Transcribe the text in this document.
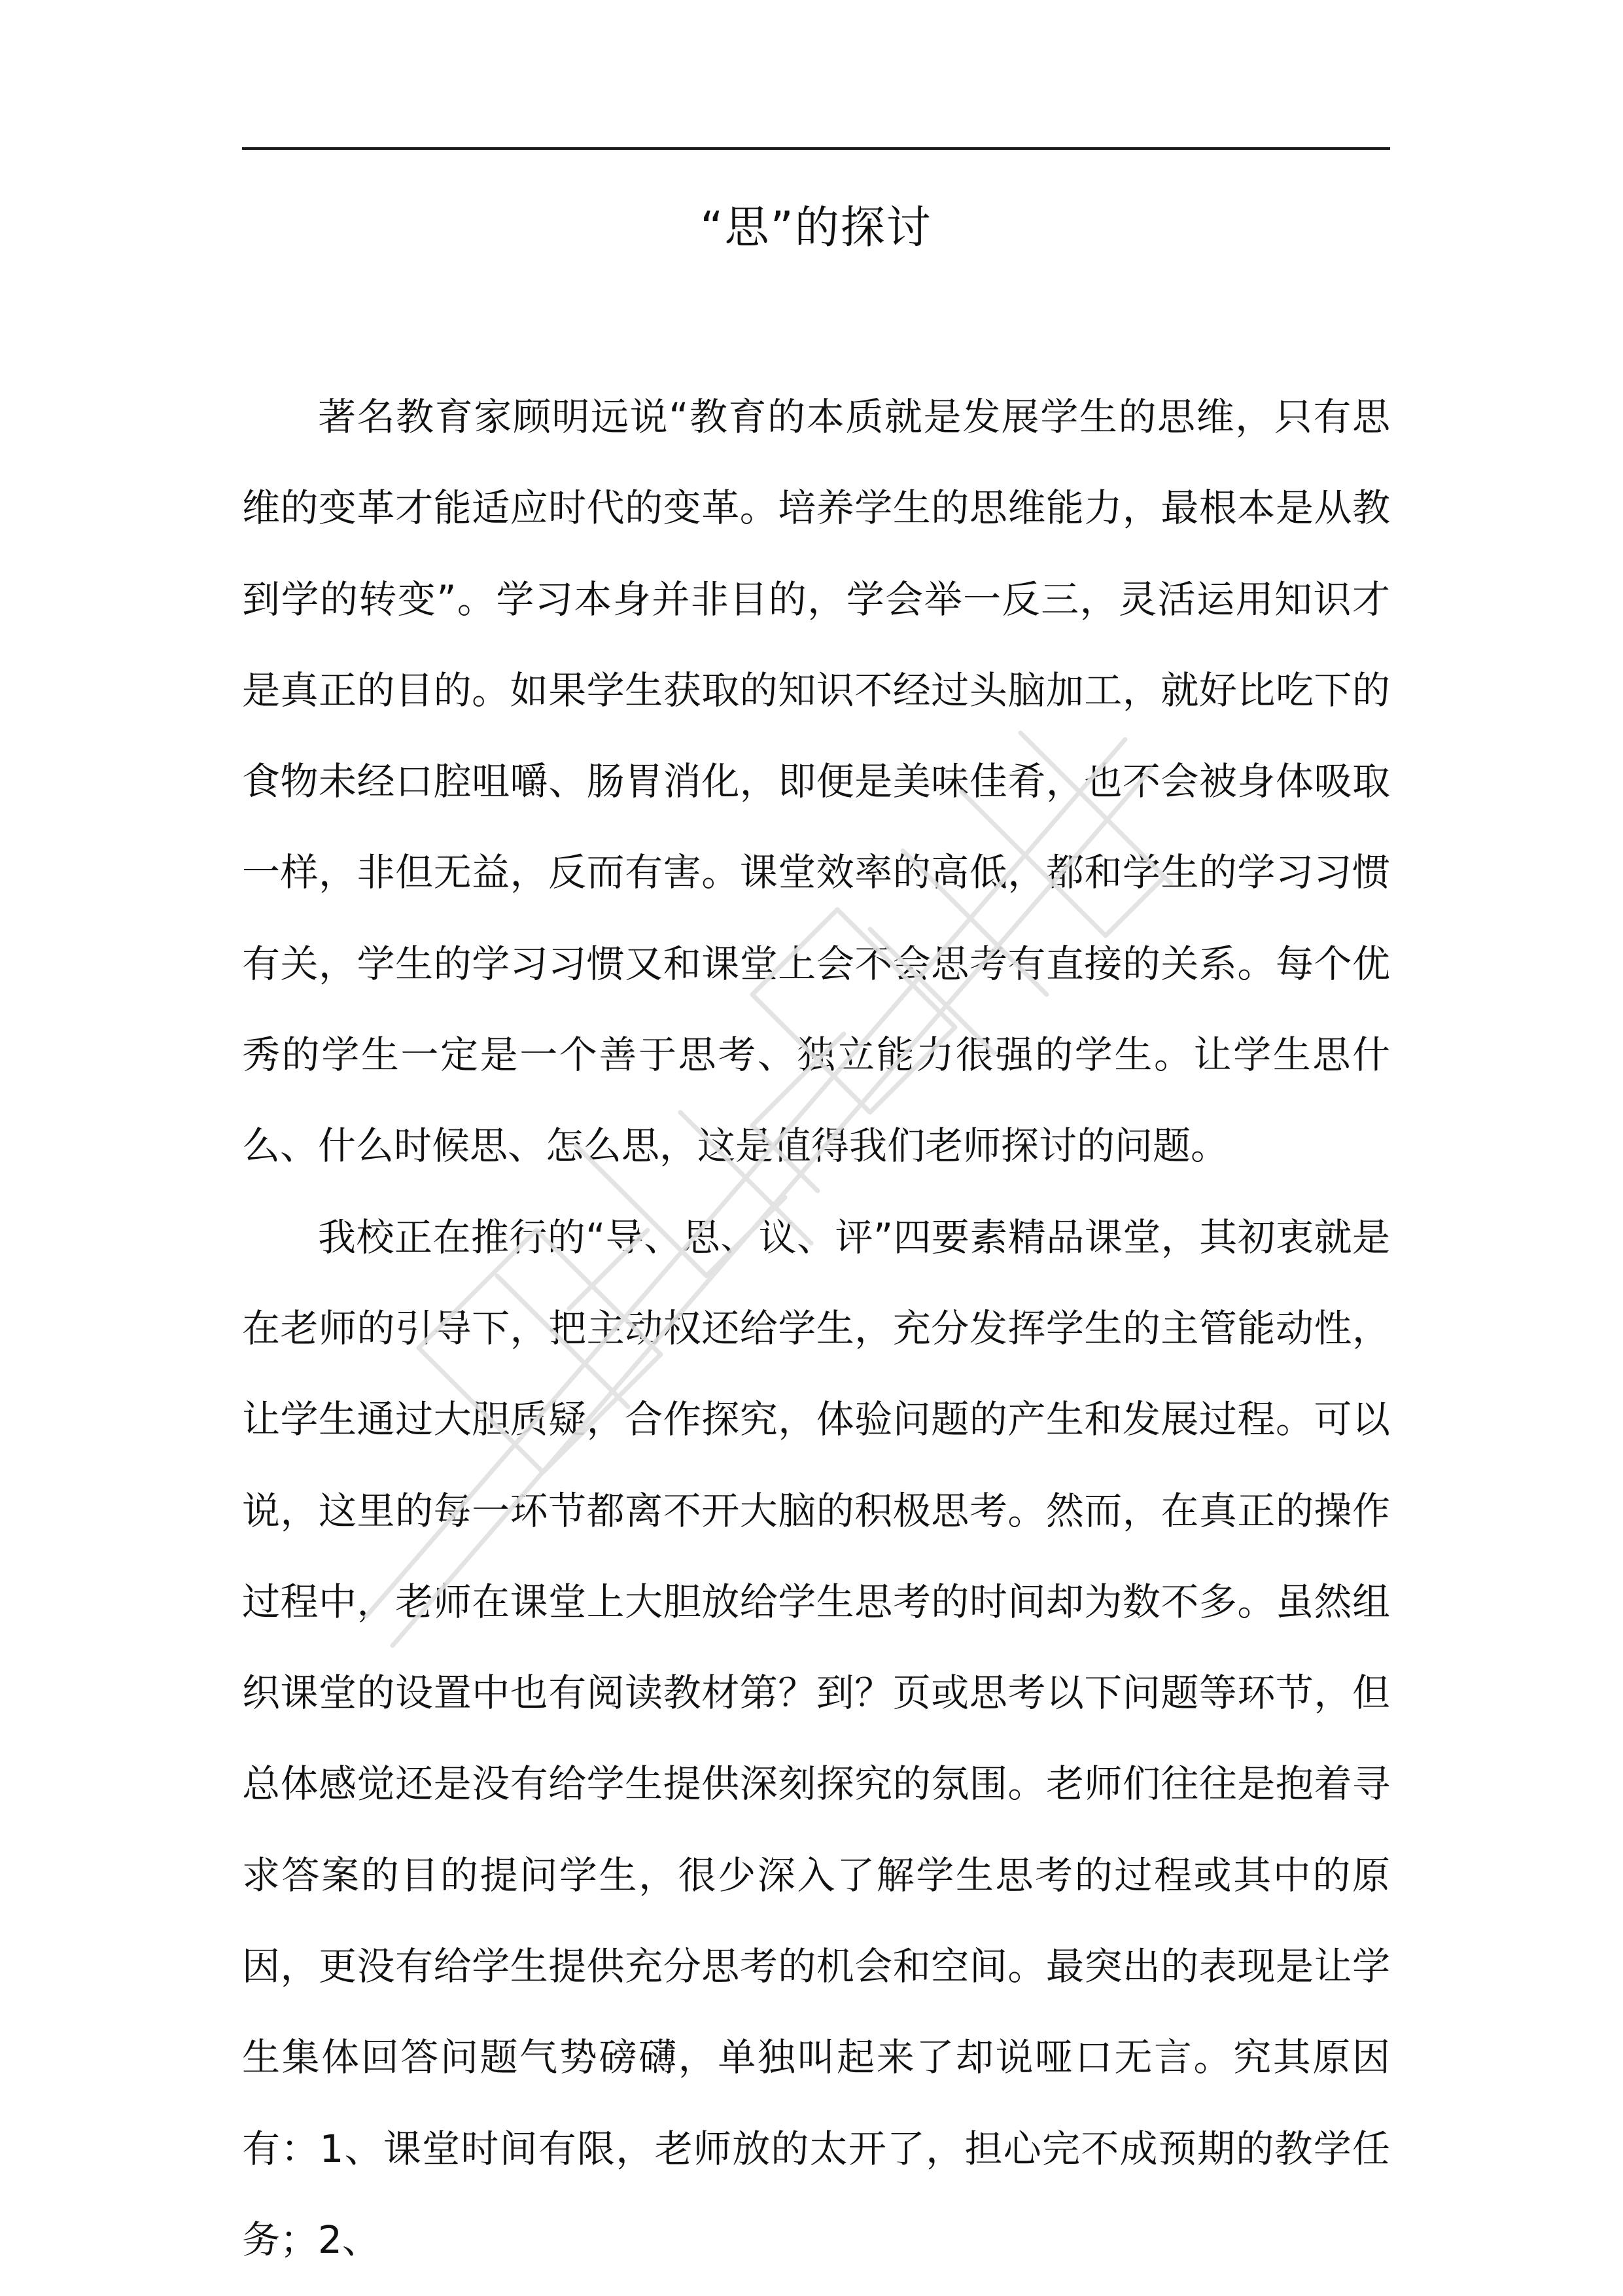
“思”的探讨

著名教育家顾明远说“教育的本质就是发展学生的思维，只有思维的变革才能适应时代的变革。培养学生的思维能力，最根本是从教到学的转变”。学习本身并非目的，学会举一反三，灵活运用知识才是真正的目的。如果学生获取的知识不经过头脑加工，就好比吃下的食物未经口腔咀嚼、肠胃消化，即便是美味佳肴，也不会被身体吸取一样，非但无益，反而有害。课堂效率的高低，都和学生的学习习惯有关，学生的学习习惯又和课堂上会不会思考有直接的关系。每个优秀的学生一定是一个善于思考、独立能力很强的学生。让学生思什么、什么时候思、怎么思，这是值得我们老师探讨的问题。

我校正在推行的“导、思、议、评”四要素精品课堂，其初衷就是在老师的引导下，把主动权还给学生，充分发挥学生的主管能动性，让学生通过大胆质疑，合作探究，体验问题的产生和发展过程。可以说，这里的每一环节都离不开大脑的积极思考。然而，在真正的操作过程中，老师在课堂上大胆放给学生思考的时间却为数不多。虽然组织课堂的设置中也有阅读教材第？到？页或思考以下问题等环节，但总体感觉还是没有给学生提供深刻探究的氛围。老师们往往是抱着寻求答案的目的提问学生，很少深入了解学生思考的过程或其中的原因，更没有给学生提供充分思考的机会和空间。最突出的表现是让学生集体回答问题气势磅礴，单独叫起来了却说哑口无言。究其原因有：1、课堂时间有限，老师放的太开了，担心完不成预期的教学任务；2、
